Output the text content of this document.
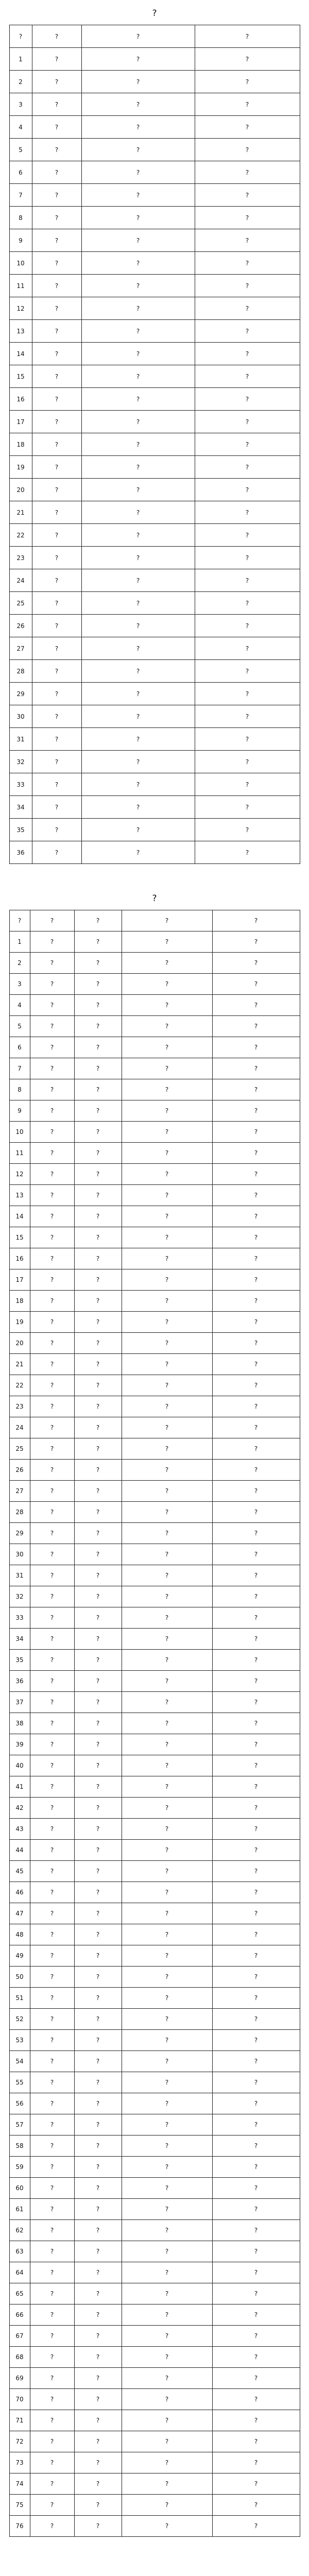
?
?	?	?	?
1	?	?	?
2	?	?	?
3	?	?	?
4	?	?	?
5	?	?	?
6	?	?	?
7	?	?	?
8	?	?	?
9	?	?	?
10	?	?	?
11	?	?	?
12	?	?	?
13	?	?	?
14	?	?	?
15	?	?	?
16	?	?	?
17	?	?	?
18	?	?	?
19	?	?	?
20	?	?	?
21	?	?	?
22	?	?	?
23	?	?	?
24	?	?	?
25	?	?	?
26	?	?	?
27	?	?	?
28	?	?	?
29	?	?	?
30	?	?	?
31	?	?	?
32	?	?	?
33	?	?	?
34	?	?	?
35	?	?	?
36	?	?	?
?
?	?	?	?	?
1	?	?	?	?
2	?	?	?	?
3	?	?	?	?
4	?	?	?	?
5	?	?	?	?
6	?	?	?	?
7	?	?	?	?
8	?	?	?	?
9	?	?	?	?
10	?	?	?	?
11	?	?	?	?
12	?	?	?	?
13	?	?	?	?
14	?	?	?	?
15	?	?	?	?
16	?	?	?	?
17	?	?	?	?
18	?	?	?	?
19	?	?	?	?
20	?	?	?	?
21	?	?	?	?
22	?	?	?	?
23	?	?	?	?
24	?	?	?	?
25	?	?	?	?
26	?	?	?	?
27	?	?	?	?
28	?	?	?	?
29	?	?	?	?
30	?	?	?	?
31	?	?	?	?
32	?	?	?	?
33	?	?	?	?
34	?	?	?	?
35	?	?	?	?
36	?	?	?	?
37	?	?	?	?
38	?	?	?	?
39	?	?	?	?
40	?	?	?	?
41	?	?	?	?
42	?	?	?	?
43	?	?	?	?
44	?	?	?	?
45	?	?	?	?
46	?	?	?	?
47	?	?	?	?
48	?	?	?	?
49	?	?	?	?
50	?	?	?	?
51	?	?	?	?
52	?	?	?	?
53	?	?	?	?
54	?	?	?	?
55	?	?	?	?
56	?	?	?	?
57	?	?	?	?
58	?	?	?	?
59	?	?	?	?
60	?	?	?	?
61	?	?	?	?
62	?	?	?	?
63	?	?	?	?
64	?	?	?	?
65	?	?	?	?
66	?	?	?	?
67	?	?	?	?
68	?	?	?	?
69	?	?	?	?
70	?	?	?	?
71	?	?	?	?
72	?	?	?	?
73	?	?	?	?
74	?	?	?	?
75	?	?	?	?
76	?	?	?	?
